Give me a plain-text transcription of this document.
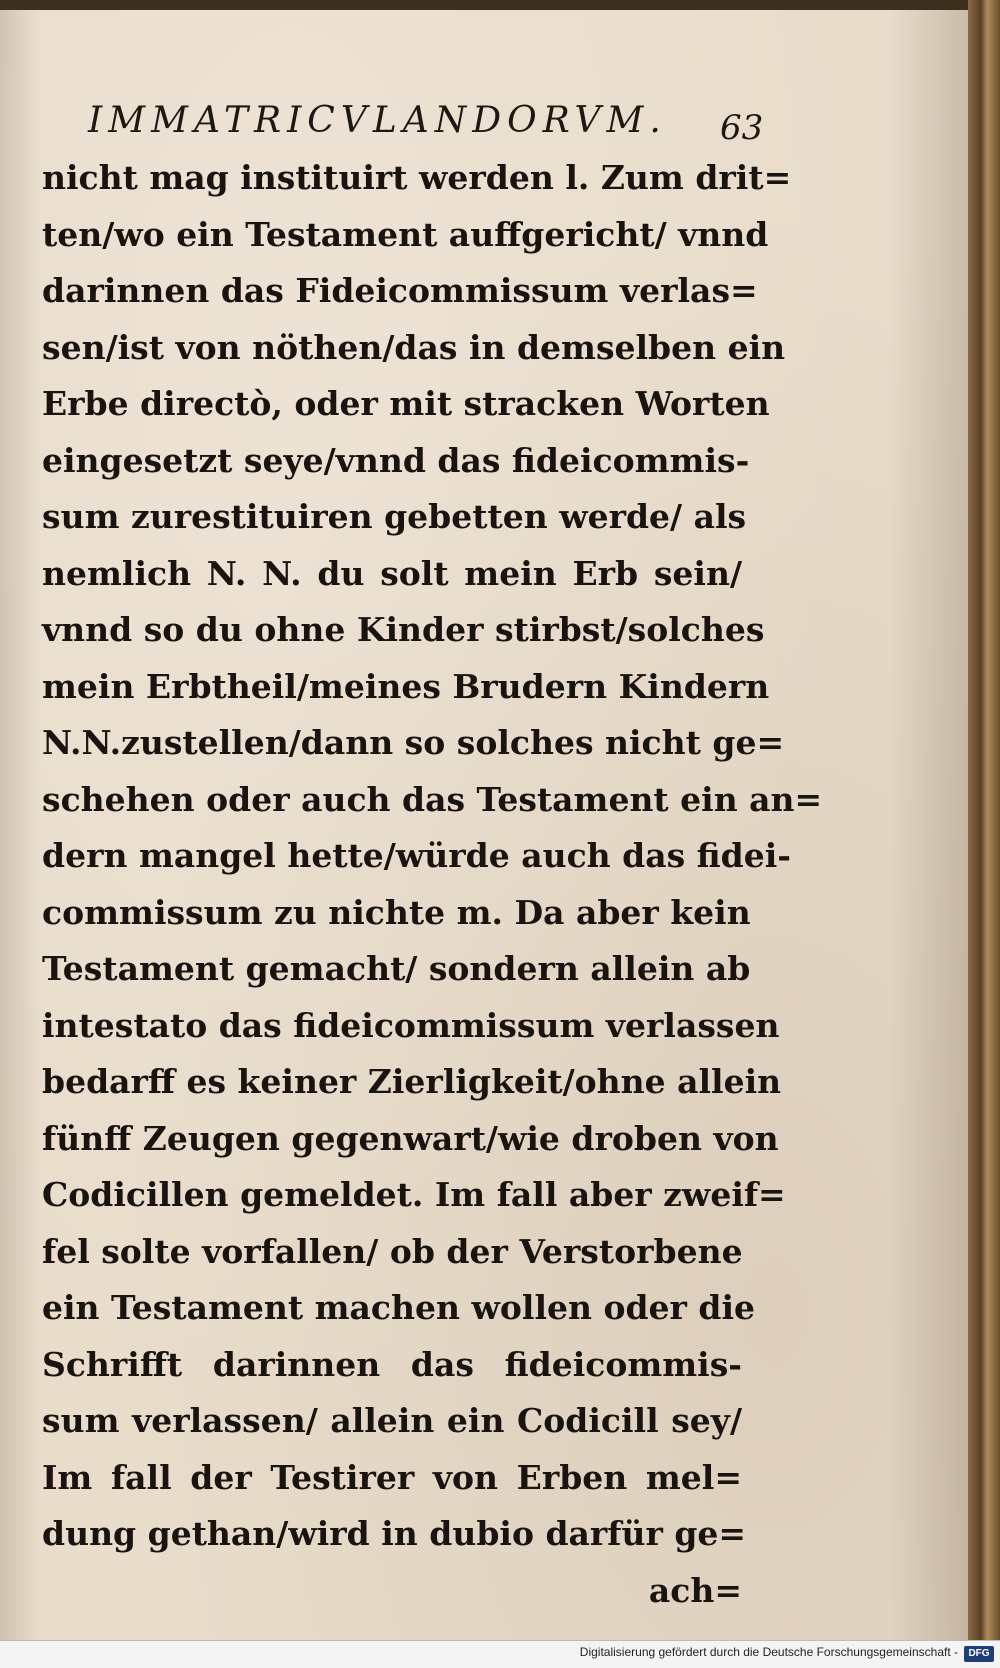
IMMATRICVLANDORVM.	63
nicht mag instituirt werden l. Zum drit=
ten/wo ein Testament auffgericht/ vnnd
darinnen das Fideicommissum verlas=
sen/ist von nöthen/das in demselben ein
Erbe directò, oder mit stracken Worten
eingesetzt seye/vnnd das fideicommis-
sum zurestituiren gebetten werde/ als
nemlich N. N. du solt mein Erb sein/
vnnd so du ohne Kinder stirbst/solches
mein Erbtheil/meines Brudern Kindern
N.N.zustellen/dann so solches nicht ge=
schehen oder auch das Testament ein an=
dern mangel hette/würde auch das fidei-
commissum zu nichte m. Da aber kein
Testament gemacht/ sondern allein ab
intestato das fideicommissum verlassen
bedarff es keiner Zierligkeit/ohne allein
fünff Zeugen gegenwart/wie droben von
Codicillen gemeldet. Im fall aber zweif=
fel solte vorfallen/ ob der Verstorbene
ein Testament machen wollen oder die
Schrifft darinnen das fideicommis-
sum verlassen/ allein ein Codicill sey/
Im fall der Testirer von Erben mel=
dung gethan/wird in dubio darfür ge=
ach=
Digitalisierung gefördert durch die Deutsche Forschungsgemeinschaft -	DFG
